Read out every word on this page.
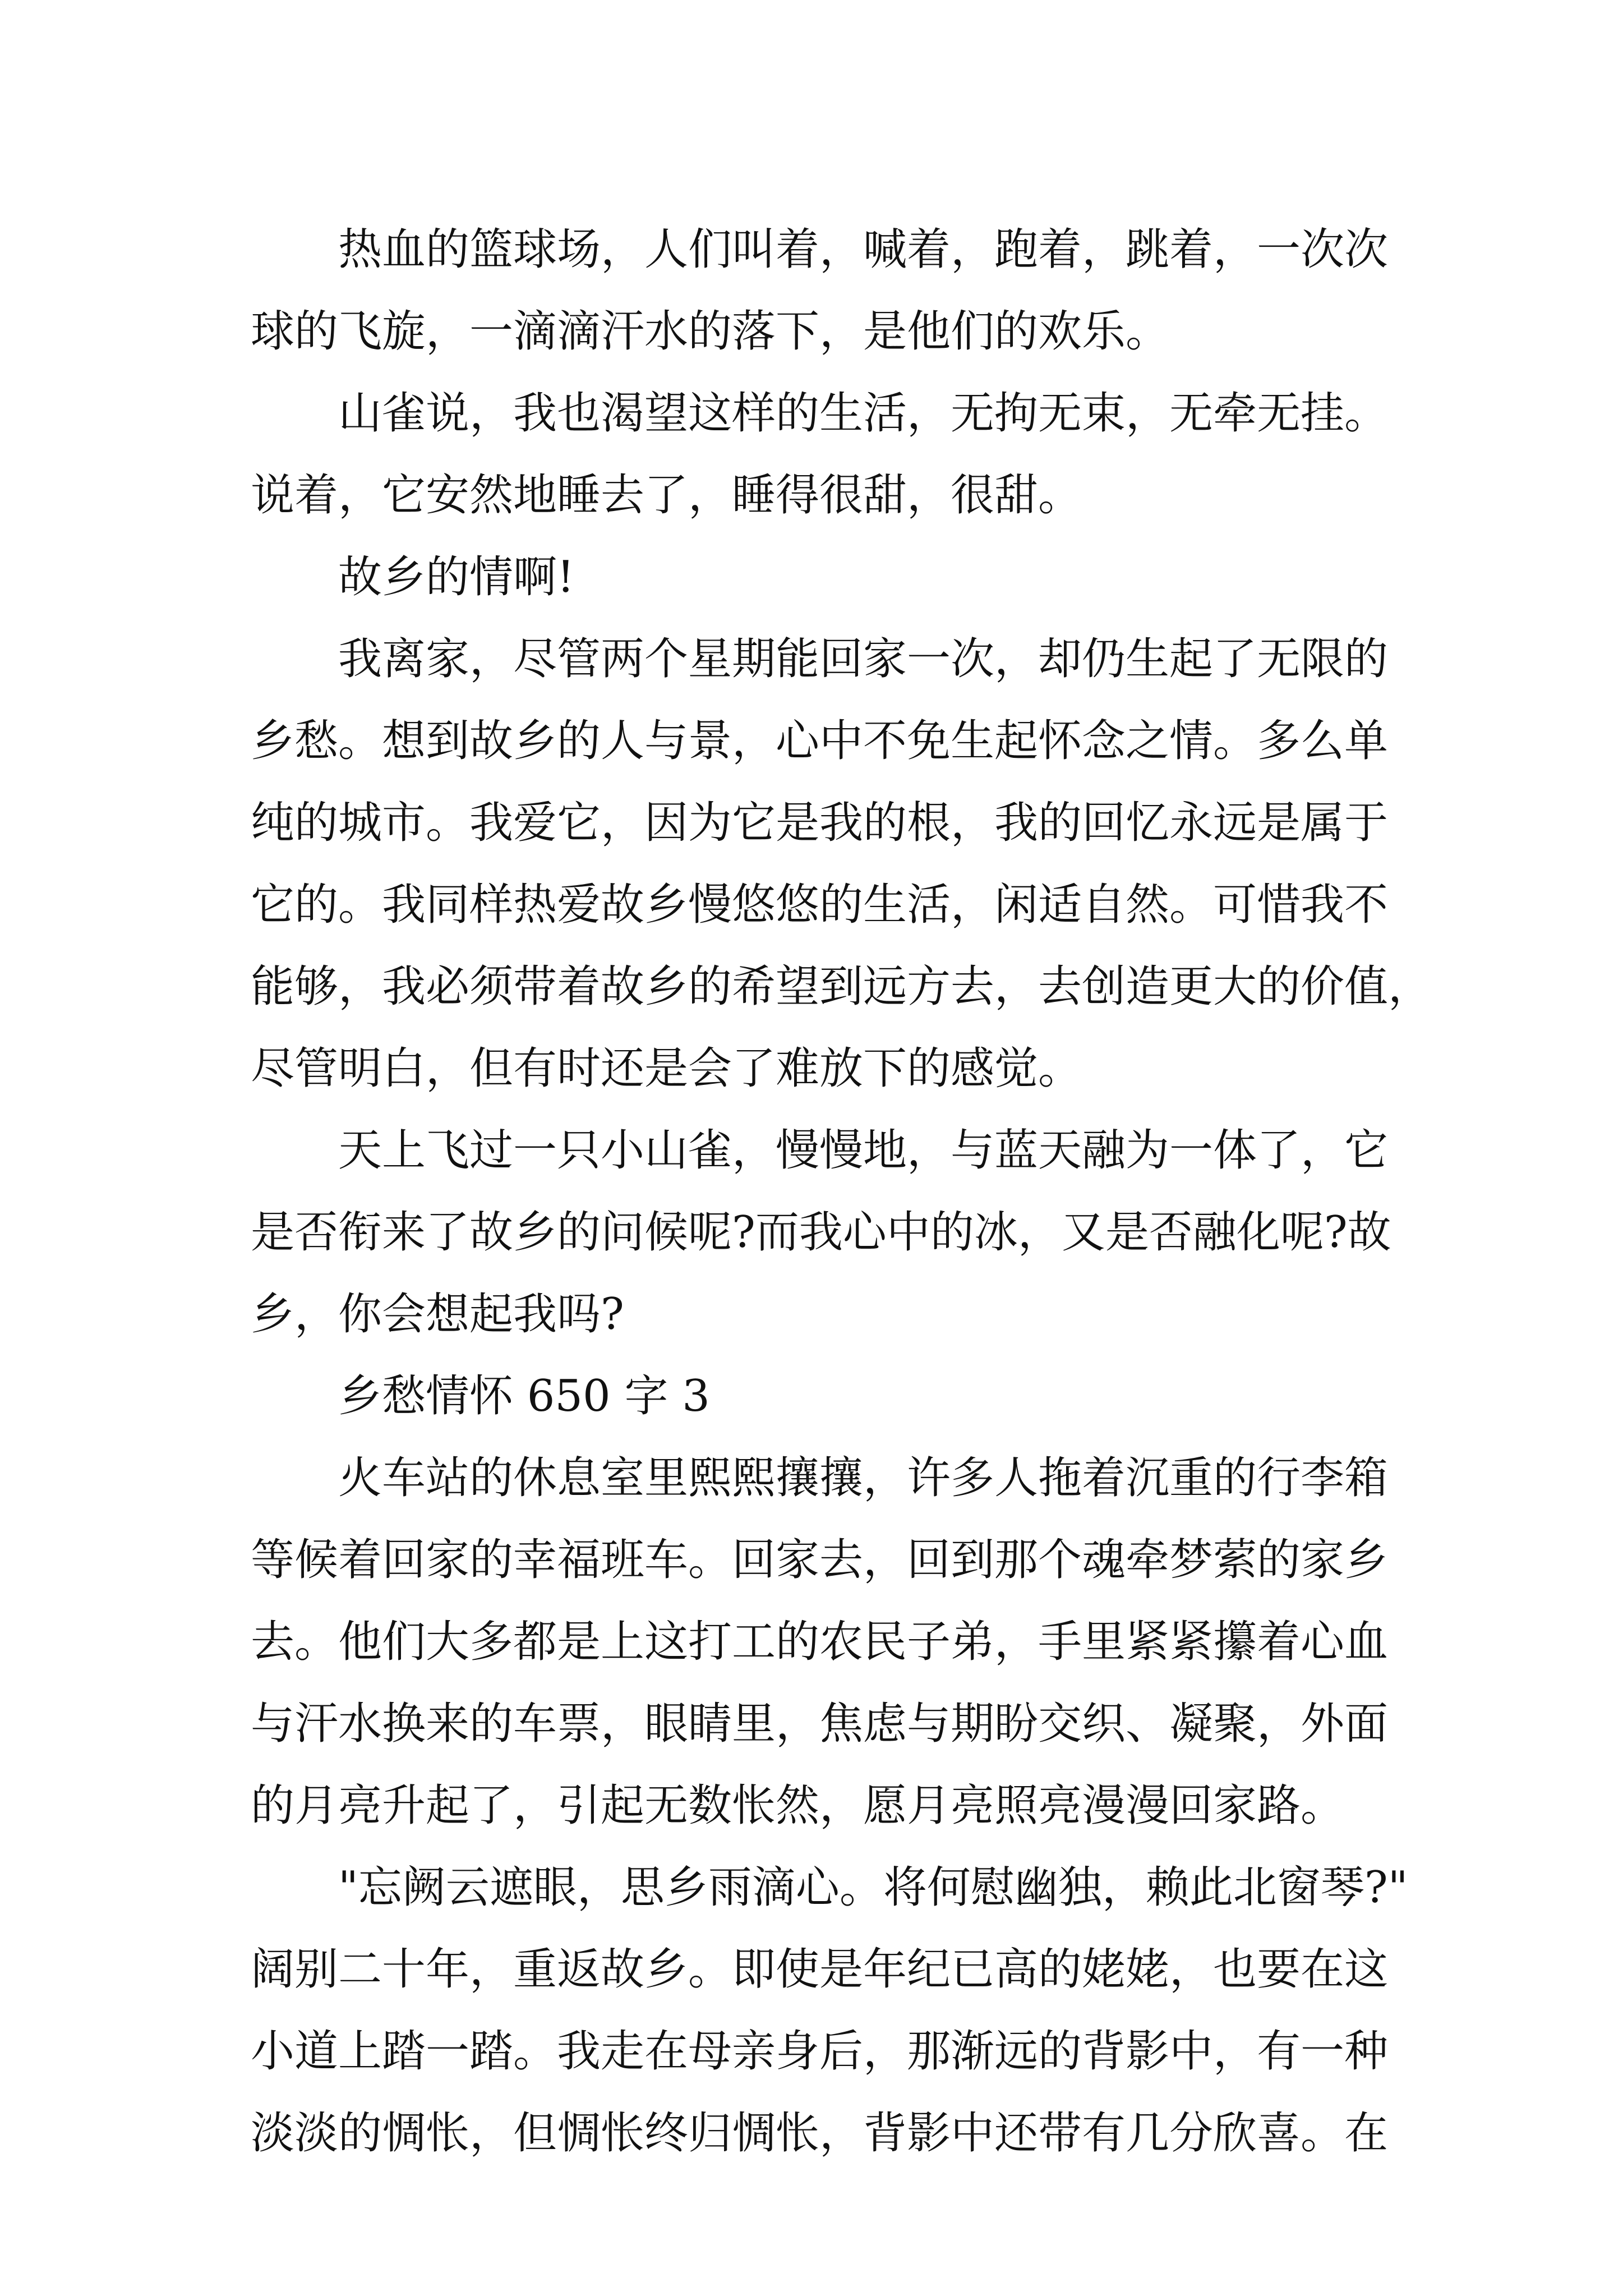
热血的篮球场，人们叫着，喊着，跑着，跳着，一次次
球的飞旋，一滴滴汗水的落下，是他们的欢乐。

山雀说，我也渴望这样的生活，无拘无束，无牵无挂。
说着，它安然地睡去了，睡得很甜，很甜。

故乡的情啊!

我离家，尽管两个星期能回家一次，却仍生起了无限的
乡愁。想到故乡的人与景，心中不免生起怀念之情。多么单
纯的城市。我爱它，因为它是我的根，我的回忆永远是属于
它的。我同样热爱故乡慢悠悠的生活，闲适自然。可惜我不
能够，我必须带着故乡的希望到远方去，去创造更大的价值，
尽管明白，但有时还是会了难放下的感觉。

天上飞过一只小山雀，慢慢地，与蓝天融为一体了，它
是否衔来了故乡的问候呢?而我心中的冰，又是否融化呢?故
乡，你会想起我吗?

乡愁情怀 650 字 3

火车站的休息室里熙熙攘攘，许多人拖着沉重的行李箱
等候着回家的幸福班车。回家去，回到那个魂牵梦萦的家乡
去。他们大多都是上这打工的农民子弟，手里紧紧攥着心血
与汗水换来的车票，眼睛里，焦虑与期盼交织、凝聚，外面
的月亮升起了，引起无数怅然，愿月亮照亮漫漫回家路。

"忘阙云遮眼，思乡雨滴心。将何慰幽独，赖此北窗琴?"
阔别二十年，重返故乡。即使是年纪已高的姥姥，也要在这
小道上踏一踏。我走在母亲身后，那渐远的背影中，有一种
淡淡的惆怅，但惆怅终归惆怅，背影中还带有几分欣喜。在
